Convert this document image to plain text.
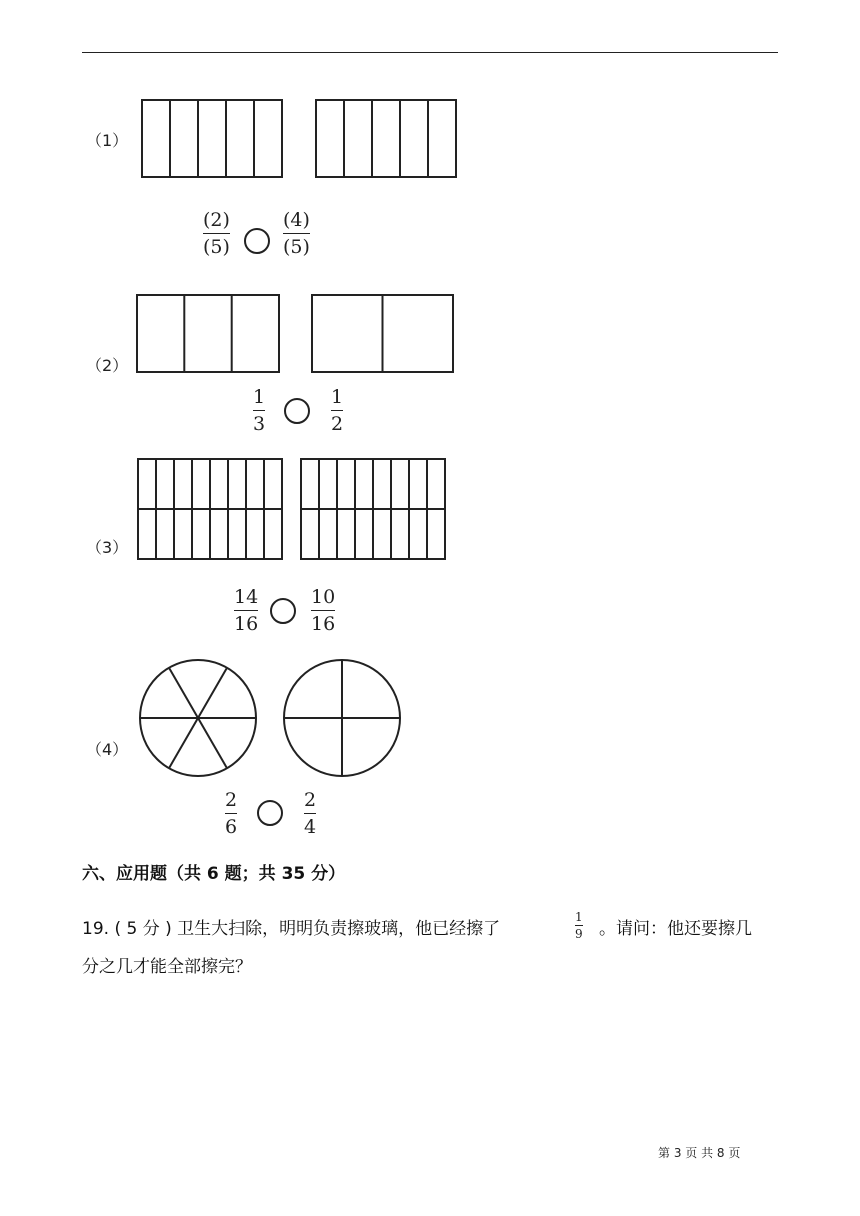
（1）
（2）
（3）
（4）
(2)
(5)
(4)
(5)
1
3
1
2
14
16
10
16
2
6
2
4
六、应用题（共 6 题；共 35 分）
19. ( 5 分 ) 卫生大扫除，明明负责擦玻璃，他已经擦了
1
9 。请问：他还要擦几
分之几才能全部擦完？
第 3 页 共 8 页
